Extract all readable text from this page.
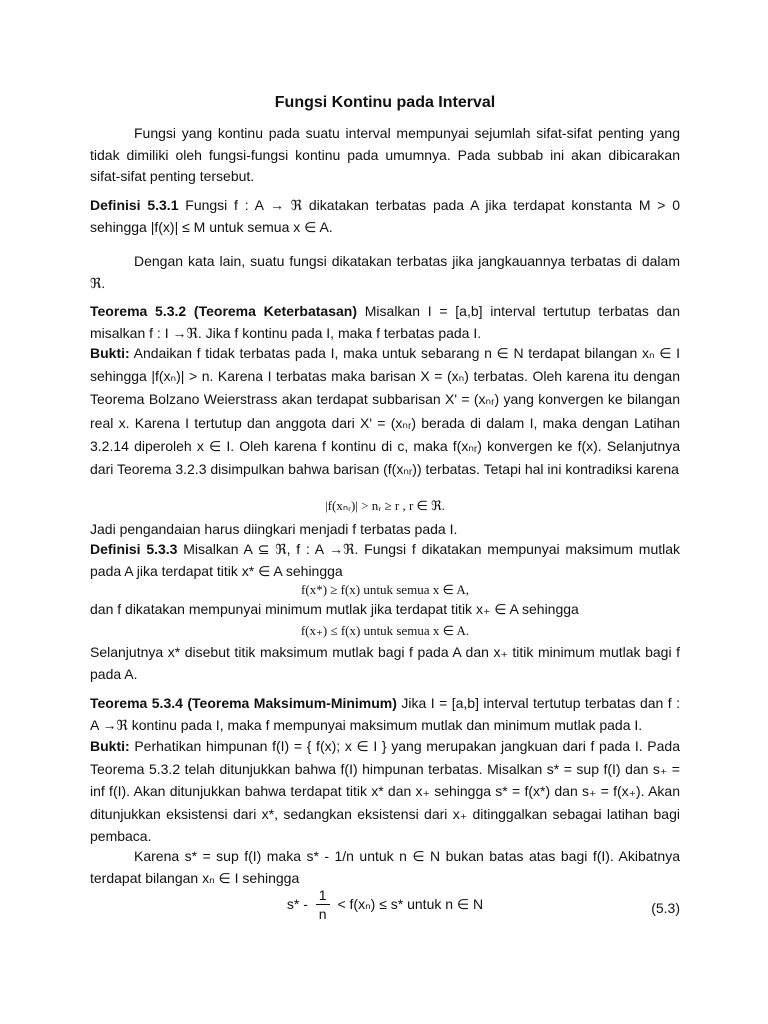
Fungsi Kontinu pada Interval
Fungsi yang kontinu pada suatu interval mempunyai sejumlah sifat-sifat penting yang tidak dimiliki oleh fungsi-fungsi kontinu pada umumnya. Pada subbab ini akan dibicarakan sifat-sifat penting tersebut.
Definisi 5.3.1 Fungsi f : A → ℜ dikatakan terbatas pada A jika terdapat konstanta M > 0 sehingga |f(x)| ≤ M untuk semua x ∈ A.
Dengan kata lain, suatu fungsi dikatakan terbatas jika jangkauannya terbatas di dalam ℜ.
Teorema 5.3.2 (Teorema Keterbatasan) Misalkan I = [a,b] interval tertutup terbatas dan misalkan f : I →ℜ. Jika f kontinu pada I, maka f terbatas pada I.
Bukti: Andaikan f tidak terbatas pada I, maka untuk sebarang n ∈ N terdapat bilangan xₙ ∈ I sehingga |f(xₙ)| > n. Karena I terbatas maka barisan X = (xₙ) terbatas. Oleh karena itu dengan Teorema Bolzano Weierstrass akan terdapat subbarisan X' = (xₙᵣ) yang konvergen ke bilangan real x. Karena I tertutup dan anggota dari X' = (xₙᵣ) berada di dalam I, maka dengan Latihan 3.2.14 diperoleh x ∈ I. Oleh karena f kontinu di c, maka f(xₙᵣ) konvergen ke f(x). Selanjutnya dari Teorema 3.2.3 disimpulkan bahwa barisan (f(xₙᵣ)) terbatas. Tetapi hal ini kontradiksi karena
|f(xₙᵣ)| > nᵣ ≥ r , r ∈ ℜ.
Jadi pengandaian harus diingkari menjadi f terbatas pada I.
Definisi 5.3.3 Misalkan A ⊆ ℜ, f : A →ℜ. Fungsi f dikatakan mempunyai maksimum mutlak pada A jika terdapat titik x* ∈ A sehingga
f(x*) ≥ f(x) untuk semua x ∈ A,
dan f dikatakan mempunyai minimum mutlak jika terdapat titik x₊ ∈ A sehingga
f(x₊) ≤ f(x) untuk semua x ∈ A.
Selanjutnya x* disebut titik maksimum mutlak bagi f pada A dan x₊ titik minimum mutlak bagi f pada A.
Teorema 5.3.4 (Teorema Maksimum-Minimum) Jika I = [a,b] interval tertutup terbatas dan f : A →ℜ kontinu pada I, maka f mempunyai maksimum mutlak dan minimum mutlak pada I.
Bukti: Perhatikan himpunan f(I) = { f(x); x ∈ I } yang merupakan jangkuan dari f pada I. Pada Teorema 5.3.2 telah ditunjukkan bahwa f(I) himpunan terbatas. Misalkan s* = sup f(I) dan s₊ = inf f(I). Akan ditunjukkan bahwa terdapat titik x* dan x₊ sehingga s* = f(x*) dan s₊ = f(x₊). Akan ditunjukkan eksistensi dari x*, sedangkan eksistensi dari x₊ ditinggalkan sebagai latihan bagi pembaca.
Karena s* = sup f(I) maka s* - 1/n untuk n ∈ N bukan batas atas bagi f(I). Akibatnya terdapat bilangan xₙ ∈ I sehingga
$s* - \frac{1}{n} < f(x_n) \le s*$ untuk n ∈ N	(5.3)
